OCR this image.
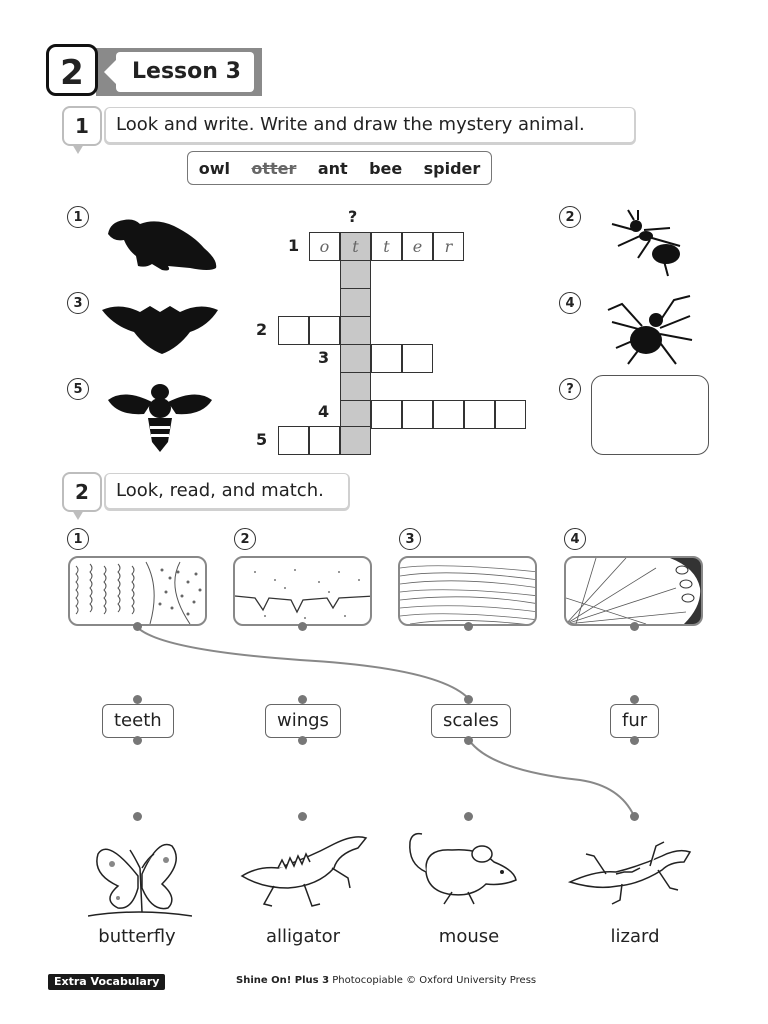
Lesson 3
2
1	Look and write. Write and draw the mystery animal.
owl otter ant bee spider
1	2
3	4
5	?
?
1
2
3
4
5
o	t	t	e	r
2	Look, read, and match.
1	2	3	4
teeth	wings	scales	fur
butterfly	alligator	mouse	lizard
Extra Vocabulary	Shine On! Plus 3 Photocopiable © Oxford University Press
